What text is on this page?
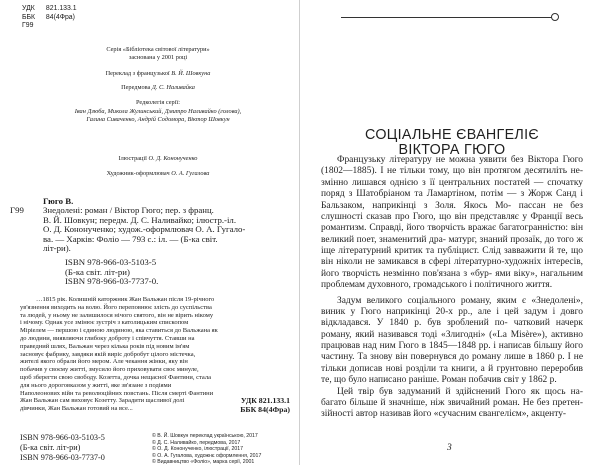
УДК 821.133.1
ББК 84(4Фра)
Г99
Серія «Бібліотека світової літератури»
заснована у 2001 році
Переклад з французької В. Й. Шовкуна
Передмова Д. С. Наливайка
Редколегія серії:
Іван Дзюба, Микола Жулинський, Дмитро Наливайко (голова),
Галина Сиваченко, Андрій Содомора, Віктор Шовкун
Ілюстрації О. Д. Кононученко
Художник-оформлювач О. А. Гугалова
Гюго В.
Г99 Знедолені: роман / Віктор Гюго; пер. з франц.
В. Й. Шовкун; передм. Д. С. Наливайко; ілюстр.-іл.
О. Д. Кононученко; худож.-оформлювач О. А. Гугало-
ва. — Харків: Фоліо — 793 с.: іл. — (Б-ка світ.
літ-ри).
ISBN 978-966-03-5103-5
(Б-ка світ. літ-ри)
ISBN 978-966-03-7737-0.
…1815 рік. Колишній каторжник Жан Вальжан після 19-річного
ув'язнення виходить на волю. Його переповнює злість до суспільства
та людей, у ньому не залишилося нічого святого, він не вірить нікому
і нічому. Однак усе змінює зустріч з католицьким єпископом
Міріелем — першою і єдиною людиною, яка ставиться до Вальжана як
до людини, виявляючи глибоку доброту і співчуття. Ставши на
праведний шлях, Вальжан через кілька років під новим ім'ям
засновує фабрику, завдяки якій виріс добробут цілого містечка,
жителі якого обрали його мером. Але чекання жінки, яку він
побачив у своєму житті, змусило його приховувати своє минуле,
щоб зберегти свою свободу. Козетта, дочка нещасної Фантини, стала
для нього дороговказом у житті, яке зв'язане з подіями
Наполеонових війн та революційних повстань. Після смерті Фантини
Жан Вальжан сам виховує Козетту. Зарадити щасливої долі
дівчинки, Жан Вальжан готовий на все...
УДК 821.133.1
ББК 84(4Фра)
ISBN 978-966-03-5103-5
(Б-ка світ. літ-ри)
ISBN 978-966-03-7737-0
© В. Й. Шовкун переклад українською, 2017
© Д. С. Наливайко, передмова, 2017
© О. Д. Кононученко, ілюстрації, 2017
© О. А. Гугалова, художнє оформлення, 2017
© Видавництво «Фоліо», марка серії, 2001
СОЦІАЛЬНЕ ЄВАНГЕЛІЄ
ВІКТОРА ГЮГО

Французьку літературу не можна уявити без Віктора Гюго (1802—1885). І не тільки тому, що він протягом десятиліть не- змінно лишався однією з її центральних постатей — спочатку поряд з Шатобріаном та Ламартіном, потім — з Жорж Санд і Бальзаком, наприкінці з Золя. Якось Мо- пассан не без слушності сказав про Гюго, що він представляє у Франції весь романтизм. Справді, його творчість вражає багатогранністю: він великий поет, знаменитий дра- матург, знаний прозаїк, до того ж іще літературний критик та публіцист. Слід завважити й те, що він ніколи не замикався в сфері літературно-художніх інтересів, його творчість незмінно пов'язана з «бур- ями віку», нагальним проблемам духовного, громадського і політичного життя.

Задум великого соціального роману, яким є «Знедолені», виник у Гюго наприкінці 20-х рр., але і цей задум і довго відкладався. У 1840 р. був зроблений по- чатковий начерк роману, який називався тоді «Злигодні» («La Misère»), активно працював над ним Гюго в 1845—1848 рр. і написав більшу його частину. Та знову він повернувся до роману лише в 1860 р. І не тільки дописав нові розділи та книги, а й грунтовно переробив те, що було написано раніше. Роман побачив світ у 1862 р.

Цей твір був задуманий й здійснений Гюго як щось на- багато більше й значніше, ніж звичайний роман. Не без претен- зійності автор називав його «сучасним євангелієм», акценту-

3
